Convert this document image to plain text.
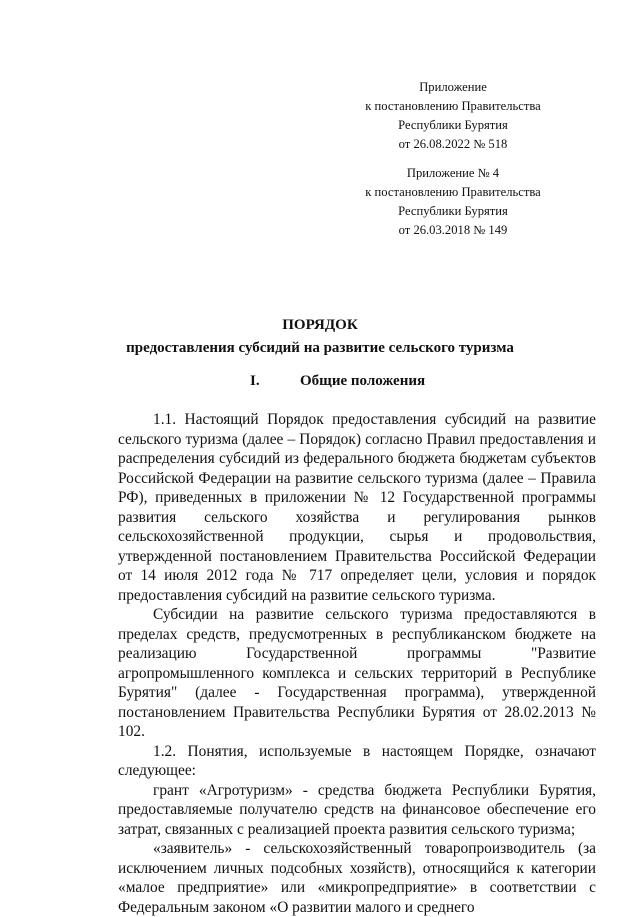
Приложение
к постановлению Правительства
Республики Бурятия
от 26.08.2022 № 518
Приложение № 4
к постановлению Правительства
Республики Бурятия
от 26.03.2018 № 149
ПОРЯДОК
предоставления субсидий на развитие сельского туризма
I.	Общие положения

1.1. Настоящий Порядок предоставления субсидий на развитие сельского туризма (далее – Порядок) согласно Правил предоставления и распределения субсидий из федерального бюджета бюджетам субъектов Российской Федерации на развитие сельского туризма (далее – Правила РФ), приведенных в приложении № 12 Государственной программы развития сельского хозяйства и регулирования рынков сельскохозяйственной продукции, сырья и продовольствия, утвержденной постановлением Правительства Российской Федерации от 14 июля 2012 года № 717 определяет цели, условия и порядок предоставления субсидий на развитие сельского туризма.

Субсидии на развитие сельского туризма предоставляются в пределах средств, предусмотренных в республиканском бюджете на реализацию Государственной программы "Развитие агропромышленного комплекса и сельских территорий в Республике Бурятия" (далее - Государственная программа), утвержденной постановлением Правительства Республики Бурятия от 28.02.2013 № 102.

1.2. Понятия, используемые в настоящем Порядке, означают следующее:

грант «Агротуризм» - средства бюджета Республики Бурятия, предоставляемые получателю средств на финансовое обеспечение его затрат, связанных с реализацией проекта развития сельского туризма;

«заявитель» - сельскохозяйственный товаропроизводитель (за исключением личных подсобных хозяйств), относящийся к категории «малое предприятие» или «микропредприятие» в соответствии с Федеральным законом «О развитии малого и среднего
